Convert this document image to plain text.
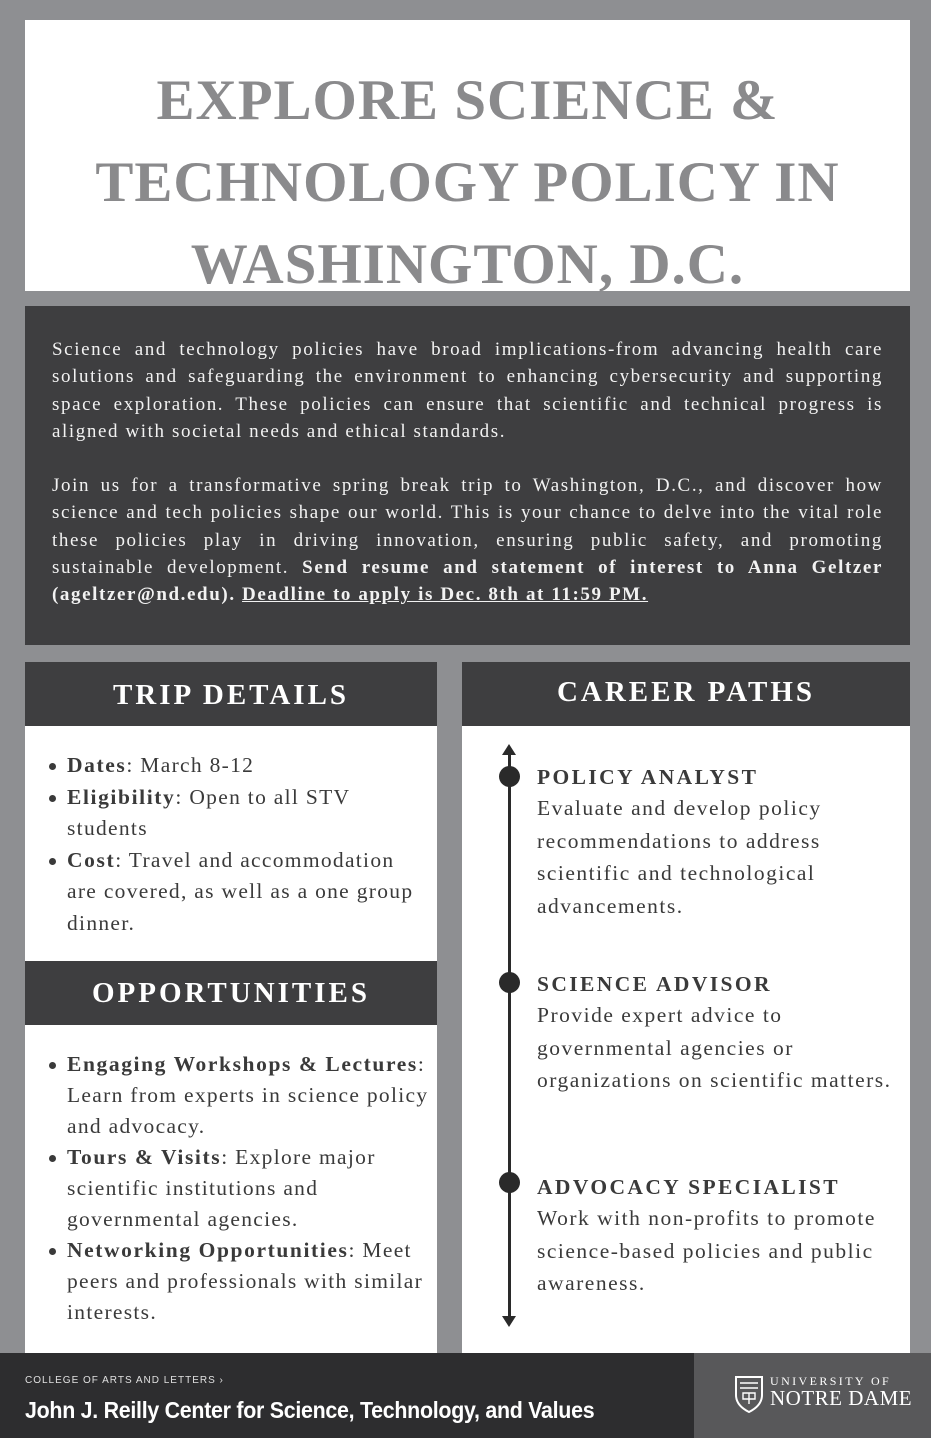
EXPLORE SCIENCE & TECHNOLOGY POLICY IN WASHINGTON, D.C.

Science and technology policies have broad implications-from advancing health care solutions and safeguarding the environment to enhancing cybersecurity and supporting space exploration. These policies can ensure that scientific and technical progress is aligned with societal needs and ethical standards.

Join us for a transformative spring break trip to Washington, D.C., and discover how science and tech policies shape our world. This is your chance to delve into the vital role these policies play in driving innovation, ensuring public safety, and promoting sustainable development. Send resume and statement of interest to Anna Geltzer (ageltzer@nd.edu). Deadline to apply is Dec. 8th at 11:59 PM.

TRIP DETAILS
Dates: March 8-12
Eligibility: Open to all STV students
Cost: Travel and accommodation are covered, as well as a one group dinner.
OPPORTUNITIES
Engaging Workshops & Lectures: Learn from experts in science policy and advocacy.
Tours & Visits: Explore major scientific institutions and governmental agencies.
Networking Opportunities: Meet peers and professionals with similar interests.
CAREER PATHS
POLICY ANALYST
Evaluate and develop policy recommendations to address scientific and technological advancements.
SCIENCE ADVISOR
Provide expert advice to governmental agencies or organizations on scientific matters.
ADVOCACY SPECIALIST
Work with non-profits to promote science-based policies and public awareness.
COLLEGE OF ARTS AND LETTERS ›
John J. Reilly Center for Science, Technology, and Values
UNIVERSITY OF
NOTRE DAME
